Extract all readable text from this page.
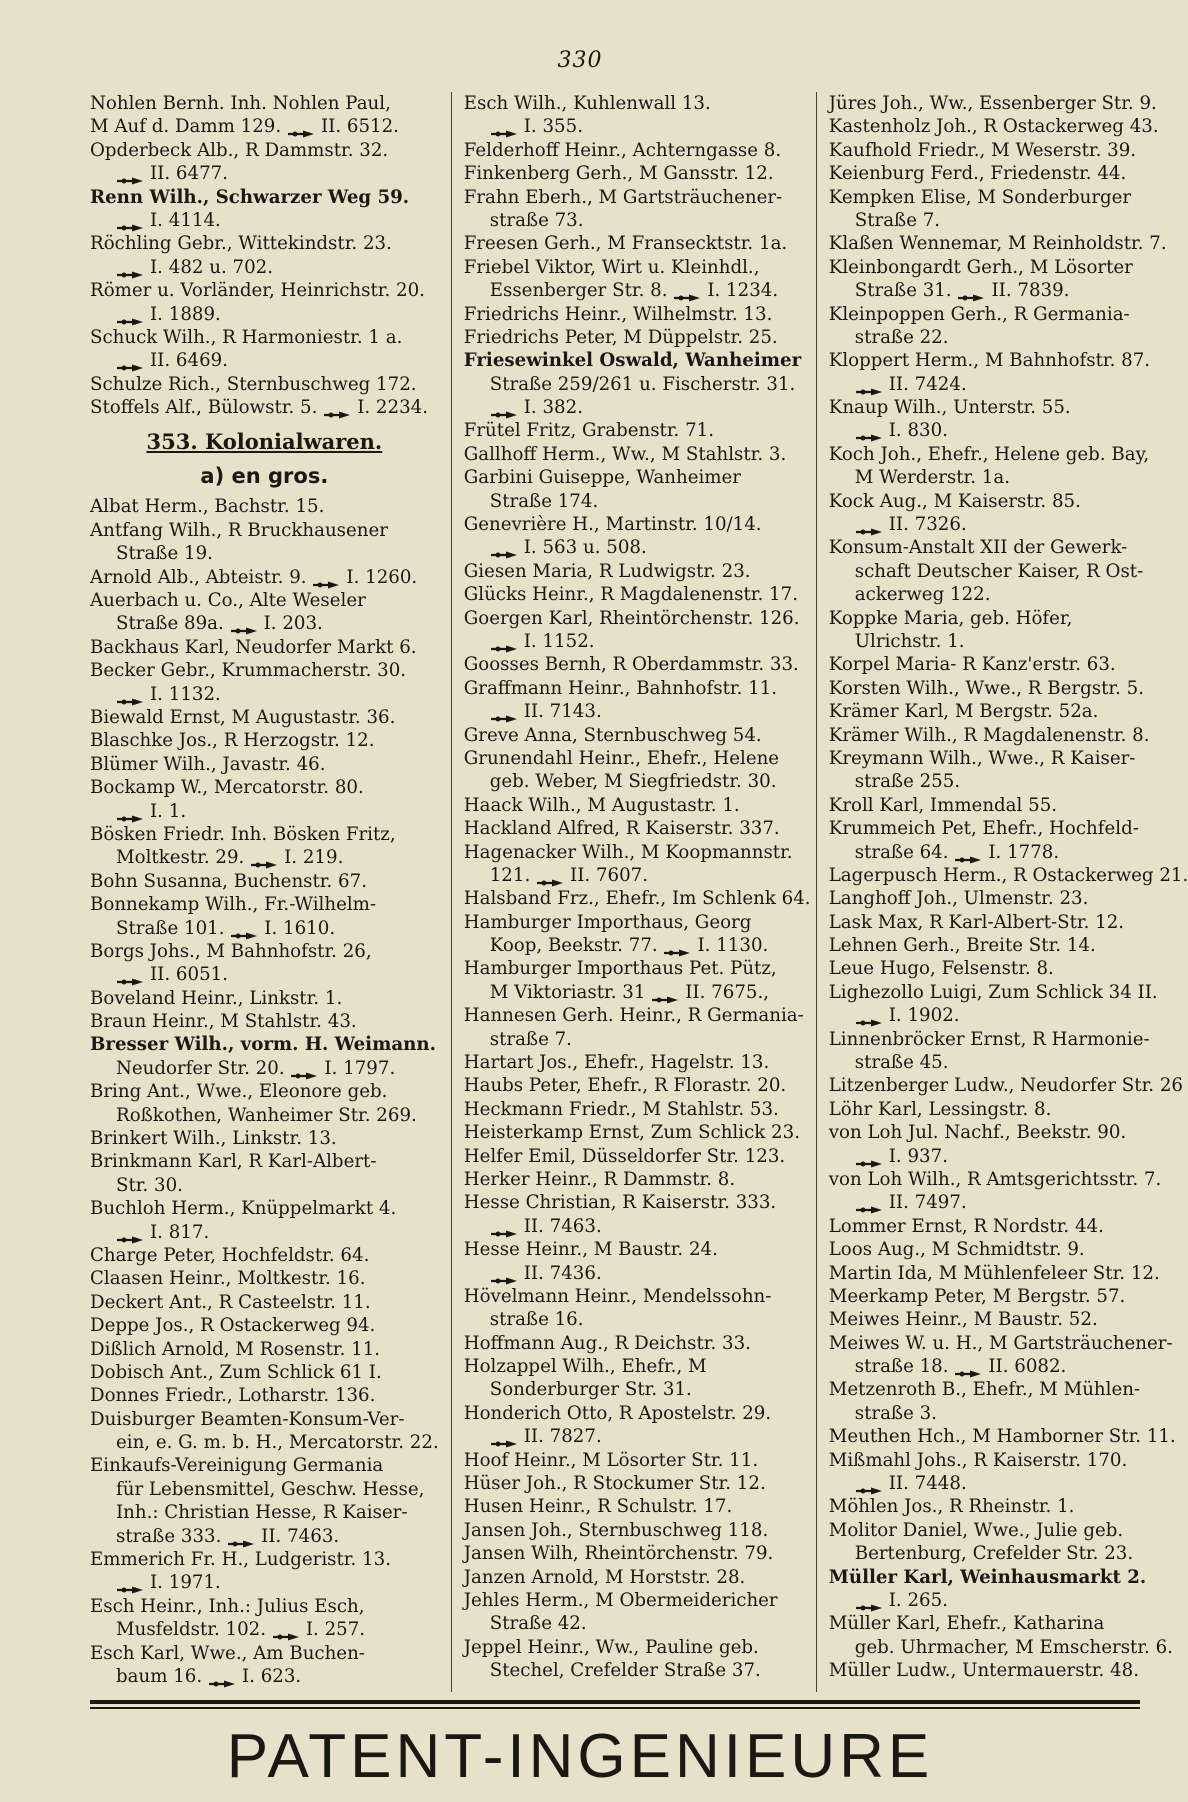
330
Nohlen Bernh. Inh. Nohlen Paul,
M Auf d. Damm 129. II. 6512.
Opderbeck Alb., R Dammstr. 32.
II. 6477.
Renn Wilh., Schwarzer Weg 59.
I. 4114.
Röchling Gebr., Wittekindstr. 23.
I. 482 u. 702.
Römer u. Vorländer, Heinrichstr. 20.
I. 1889.
Schuck Wilh., R Harmoniestr. 1 a.
II. 6469.
Schulze Rich., Sternbuschweg 172.
Stoffels Alf., Bülowstr. 5. I. 2234.
353. Kolonialwaren.
a) en gros.
Albat Herm., Bachstr. 15.
Antfang Wilh., R Bruckhausener
Straße 19.
Arnold Alb., Abteistr. 9. I. 1260.
Auerbach u. Co., Alte Weseler
Straße 89a. I. 203.
Backhaus Karl, Neudorfer Markt 6.
Becker Gebr., Krummacherstr. 30.
I. 1132.
Biewald Ernst, M Augustastr. 36.
Blaschke Jos., R Herzogstr. 12.
Blümer Wilh., Javastr. 46.
Bockamp W., Mercatorstr. 80.
I. 1.
Bösken Friedr. Inh. Bösken Fritz,
Moltkestr. 29. I. 219.
Bohn Susanna, Buchenstr. 67.
Bonnekamp Wilh., Fr.-Wilhelm-
Straße 101. I. 1610.
Borgs Johs., M Bahnhofstr. 26,
II. 6051.
Boveland Heinr., Linkstr. 1.
Braun Heinr., M Stahlstr. 43.
Bresser Wilh., vorm. H. Weimann.
Neudorfer Str. 20. I. 1797.
Bring Ant., Wwe., Eleonore geb.
Roßkothen, Wanheimer Str. 269.
Brinkert Wilh., Linkstr. 13.
Brinkmann Karl, R Karl-Albert-
Str. 30.
Buchloh Herm., Knüppelmarkt 4.
I. 817.
Charge Peter, Hochfeldstr. 64.
Claasen Heinr., Moltkestr. 16.
Deckert Ant., R Casteelstr. 11.
Deppe Jos., R Ostackerweg 94.
Dißlich Arnold, M Rosenstr. 11.
Dobisch Ant., Zum Schlick 61 I.
Donnes Friedr., Lotharstr. 136.
Duisburger Beamten-Konsum-Ver-
ein, e. G. m. b. H., Mercatorstr. 22.
Einkaufs-Vereinigung Germania
für Lebensmittel, Geschw. Hesse,
Inh.: Christian Hesse, R Kaiser-
straße 333. II. 7463.
Emmerich Fr. H., Ludgeristr. 13.
I. 1971.
Esch Heinr., Inh.: Julius Esch,
Musfeldstr. 102. I. 257.
Esch Karl, Wwe., Am Buchen-
baum 16. I. 623.
Esch Wilh., Kuhlenwall 13.
I. 355.
Felderhoff Heinr., Achterngasse 8.
Finkenberg Gerh., M Gansstr. 12.
Frahn Eberh., M Gartsträuchener-
straße 73.
Freesen Gerh., M Fransecktstr. 1a.
Friebel Viktor, Wirt u. Kleinhdl.,
Essenberger Str. 8. I. 1234.
Friedrichs Heinr., Wilhelmstr. 13.
Friedrichs Peter, M Düppelstr. 25.
Friesewinkel Oswald, Wanheimer
Straße 259/261 u. Fischerstr. 31.
I. 382.
Frütel Fritz, Grabenstr. 71.
Gallhoff Herm., Ww., M Stahlstr. 3.
Garbini Guiseppe, Wanheimer
Straße 174.
Genevrière H., Martinstr. 10/14.
I. 563 u. 508.
Giesen Maria, R Ludwigstr. 23.
Glücks Heinr., R Magdalenenstr. 17.
Goergen Karl, Rheintörchenstr. 126.
I. 1152.
Goosses Bernh, R Oberdammstr. 33.
Graffmann Heinr., Bahnhofstr. 11.
II. 7143.
Greve Anna, Sternbuschweg 54.
Grunendahl Heinr., Ehefr., Helene
geb. Weber, M Siegfriedstr. 30.
Haack Wilh., M Augustastr. 1.
Hackland Alfred, R Kaiserstr. 337.
Hagenacker Wilh., M Koopmannstr.
121. II. 7607.
Halsband Frz., Ehefr., Im Schlenk 64.
Hamburger Importhaus, Georg
Koop, Beekstr. 77. I. 1130.
Hamburger Importhaus Pet. Pütz,
M Viktoriastr. 31 II. 7675.,
Hannesen Gerh. Heinr., R Germania-
straße 7.
Hartart Jos., Ehefr., Hagelstr. 13.
Haubs Peter, Ehefr., R Florastr. 20.
Heckmann Friedr., M Stahlstr. 53.
Heisterkamp Ernst, Zum Schlick 23.
Helfer Emil, Düsseldorfer Str. 123.
Herker Heinr., R Dammstr. 8.
Hesse Christian, R Kaiserstr. 333.
II. 7463.
Hesse Heinr., M Baustr. 24.
II. 7436.
Hövelmann Heinr., Mendelssohn-
straße 16.
Hoffmann Aug., R Deichstr. 33.
Holzappel Wilh., Ehefr., M
Sonderburger Str. 31.
Honderich Otto, R Apostelstr. 29.
II. 7827.
Hoof Heinr., M Lösorter Str. 11.
Hüser Joh., R Stockumer Str. 12.
Husen Heinr., R Schulstr. 17.
Jansen Joh., Sternbuschweg 118.
Jansen Wilh, Rheintörchenstr. 79.
Janzen Arnold, M Horststr. 28.
Jehles Herm., M Obermeidericher
Straße 42.
Jeppel Heinr., Ww., Pauline geb.
Stechel, Crefelder Straße 37.
Jüres Joh., Ww., Essenberger Str. 9.
Kastenholz Joh., R Ostackerweg 43.
Kaufhold Friedr., M Weserstr. 39.
Keienburg Ferd., Friedenstr. 44.
Kempken Elise, M Sonderburger
Straße 7.
Klaßen Wennemar, M Reinholdstr. 7.
Kleinbongardt Gerh., M Lösorter
Straße 31. II. 7839.
Kleinpoppen Gerh., R Germania-
straße 22.
Kloppert Herm., M Bahnhofstr. 87.
II. 7424.
Knaup Wilh., Unterstr. 55.
I. 830.
Koch Joh., Ehefr., Helene geb. Bay,
M Werderstr. 1a.
Kock Aug., M Kaiserstr. 85.
II. 7326.
Konsum-Anstalt XII der Gewerk-
schaft Deutscher Kaiser, R Ost-
ackerweg 122.
Koppke Maria, geb. Höfer,
Ulrichstr. 1.
Korpel Maria- R Kanz'erstr. 63.
Korsten Wilh., Wwe., R Bergstr. 5.
Krämer Karl, M Bergstr. 52a.
Krämer Wilh., R Magdalenenstr. 8.
Kreymann Wilh., Wwe., R Kaiser-
straße 255.
Kroll Karl, Immendal 55.
Krummeich Pet, Ehefr., Hochfeld-
straße 64. I. 1778.
Lagerpusch Herm., R Ostackerweg 21.
Langhoff Joh., Ulmenstr. 23.
Lask Max, R Karl-Albert-Str. 12.
Lehnen Gerh., Breite Str. 14.
Leue Hugo, Felsenstr. 8.
Lighezollo Luigi, Zum Schlick 34 II.
I. 1902.
Linnenbröcker Ernst, R Harmonie-
straße 45.
Litzenberger Ludw., Neudorfer Str. 26
Löhr Karl, Lessingstr. 8.
von Loh Jul. Nachf., Beekstr. 90.
I. 937.
von Loh Wilh., R Amtsgerichtsstr. 7.
II. 7497.
Lommer Ernst, R Nordstr. 44.
Loos Aug., M Schmidtstr. 9.
Martin Ida, M Mühlenfeleer Str. 12.
Meerkamp Peter, M Bergstr. 57.
Meiwes Heinr., M Baustr. 52.
Meiwes W. u. H., M Gartsträuchener-
straße 18. II. 6082.
Metzenroth B., Ehefr., M Mühlen-
straße 3.
Meuthen Hch., M Hamborner Str. 11.
Mißmahl Johs., R Kaiserstr. 170.
II. 7448.
Möhlen Jos., R Rheinstr. 1.
Molitor Daniel, Wwe., Julie geb.
Bertenburg, Crefelder Str. 23.
Müller Karl, Weinhausmarkt 2.
I. 265.
Müller Karl, Ehefr., Katharina
geb. Uhrmacher, M Emscherstr. 6.
Müller Ludw., Untermauerstr. 48.
PATENT-INGENIEURE
